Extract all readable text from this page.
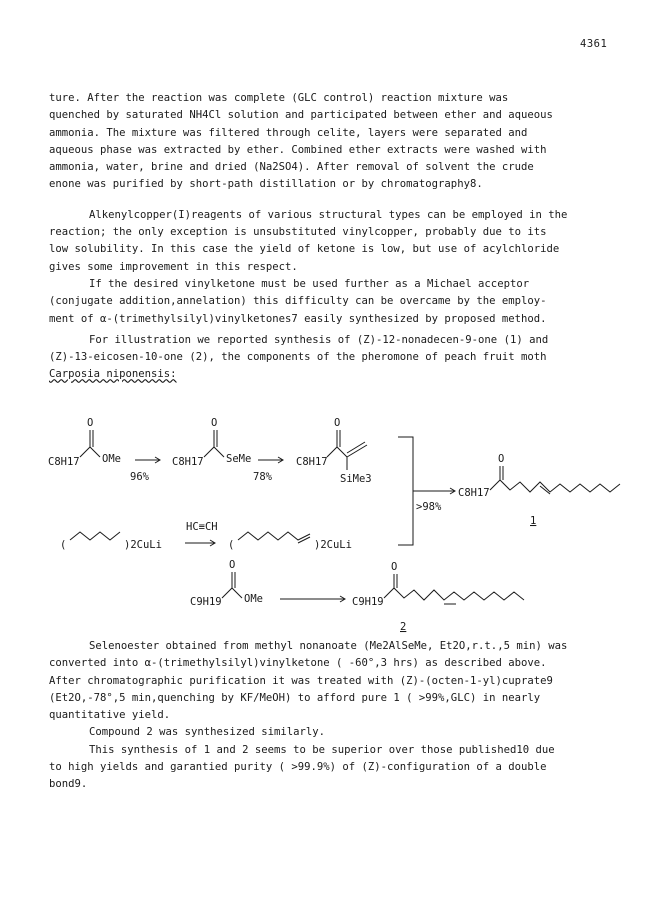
4361

ture. After the reaction was complete (GLC control) reaction mixture was

quenched by saturated NH4Cl solution and participated between ether and aqueous

ammonia. The mixture was filtered through celite, layers were separated and

aqueous phase was extracted by ether. Combined ether extracts were washed with

ammonia, water, brine and dried (Na2SO4). After removal of solvent the crude

enone was purified by short-path distillation or by chromatography8.

Alkenylcopper(I)reagents of various structural types can be employed in the

reaction; the only exception is unsubstituted vinylcopper, probably due to its

low solubility. In this case the yield of ketone is low, but use of acylchloride

gives some improvement in this respect.

If the desired vinylketone must be used further as a Michael acceptor

(conjugate addition,annelation) this difficulty can be overcame by the employ-

ment of α-(trimethylsilyl)vinylketones7 easily synthesized by proposed method.

For illustration we reported synthesis of (Z)-12-nonadecen-9-one (1) and

(Z)-13-eicosen-10-one (2), the components of the pheromone of peach fruit moth

Carposia niponensis:

C8H17
O
OMe
96%
C8H17
O
SeMe
78%
C8H17
O
SiMe3
>98%
C8H17
O
1
HC≡CH
(	)2CuLi	(	)2CuLi
C9H19
O
OMe	C9H19
O
2

Selenoester obtained from methyl nonanoate (Me2AlSeMe, Et2O,r.t.,5 min) was

converted into α-(trimethylsilyl)vinylketone ( -60°,3 hrs) as described above.

After chromatographic purification it was treated with (Z)-(octen-1-yl)cuprate9

(Et2O,-78°,5 min,quenching by KF/MeOH) to afford pure 1 ( >99%,GLC) in nearly

quantitative yield.

Compound 2 was synthesized similarly.

This synthesis of 1 and 2 seems to be superior over those published10 due

to high yields and garantied purity ( >99.9%) of (Z)-configuration of a double

bond9.
